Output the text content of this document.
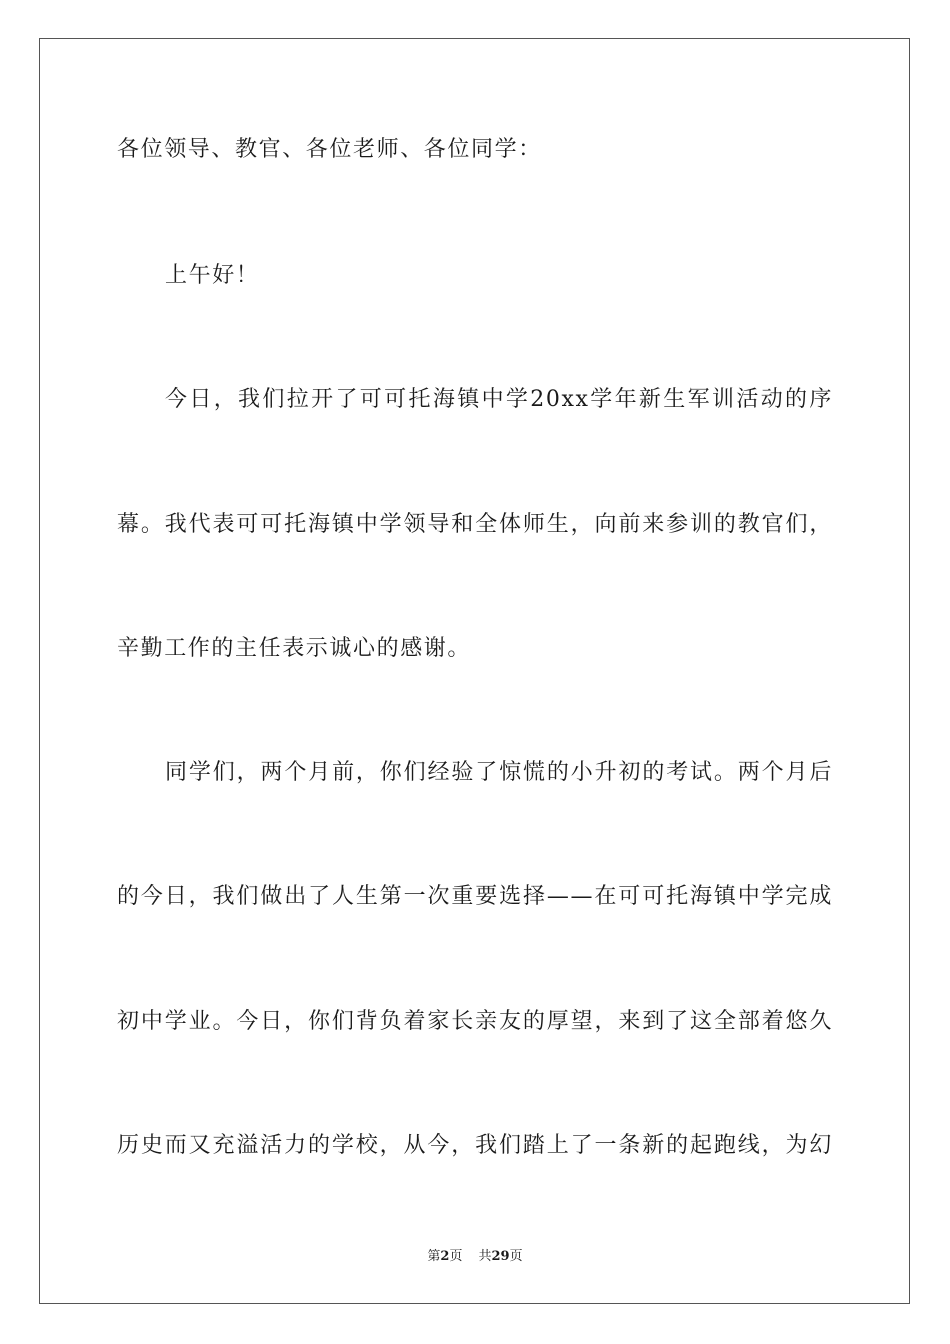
各位领导、教官、各位老师、各位同学：
上午好！
今日，我们拉开了可可托海镇中学20xx学年新生军训活动的序
幕。我代表可可托海镇中学领导和全体师生，向前来参训的教官们，
辛勤工作的主任表示诚心的感谢。
同学们，两个月前，你们经验了惊慌的小升初的考试。两个月后
的今日，我们做出了人生第一次重要选择——在可可托海镇中学完成
初中学业。今日，你们背负着家长亲友的厚望，来到了这全部着悠久
历史而又充溢活力的学校，从今，我们踏上了一条新的起跑线，为幻
第2页 共29页
